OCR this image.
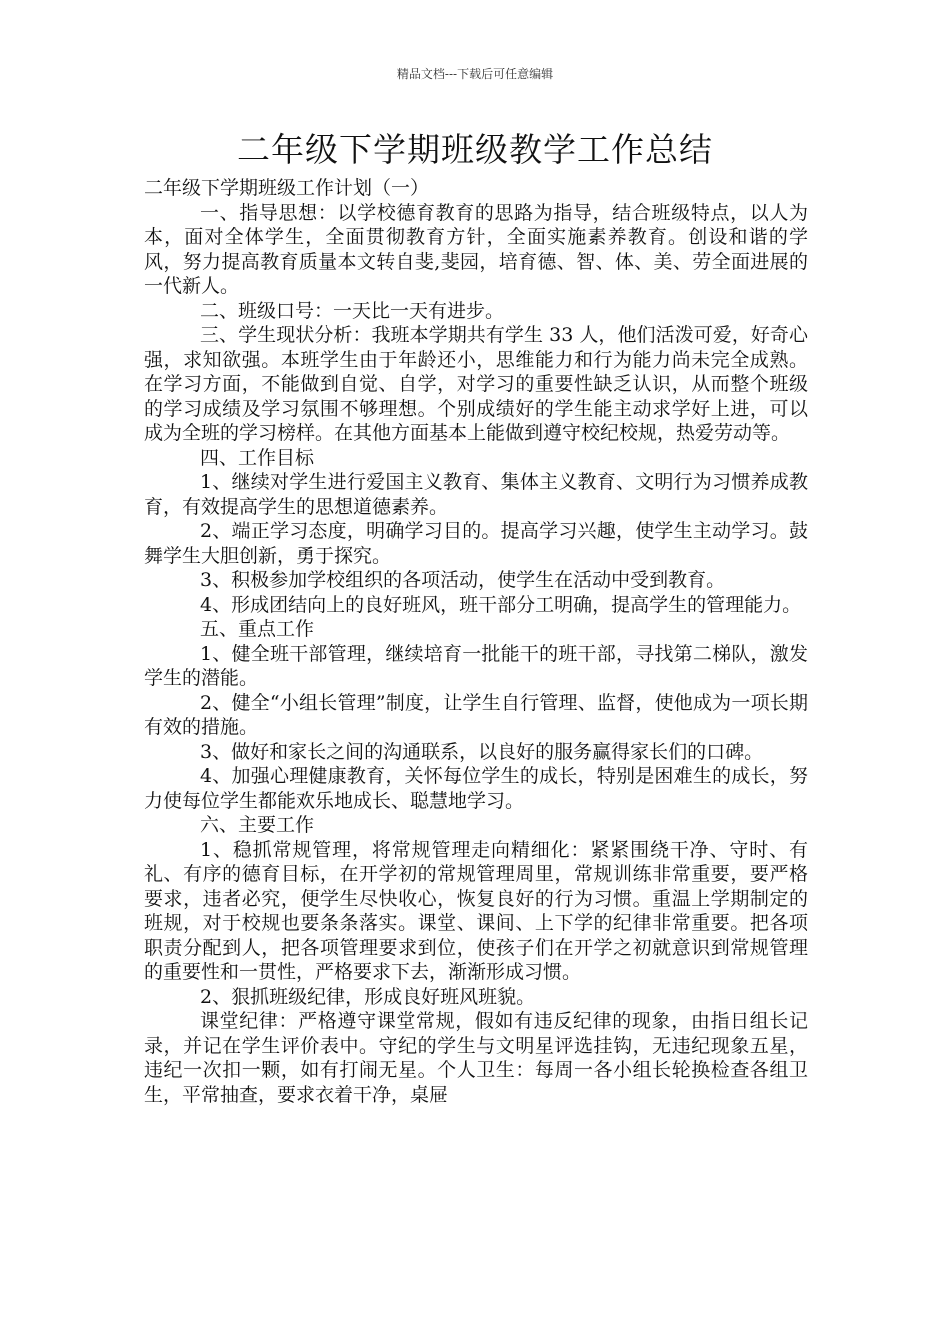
精品文档---下载后可任意编辑
二年级下学期班级教学工作总结

二年级下学期班级工作计划（一）

一、指导思想：以学校德育教育的思路为指导，结合班级特点，以人为本，面对全体学生，全面贯彻教育方针，全面实施素养教育。创设和谐的学风，努力提高教育质量本文转自斐,斐园，培育德、智、体、美、劳全面进展的一代新人。

二、班级口号：一天比一天有进步。

三、学生现状分析：我班本学期共有学生 33 人，他们活泼可爱，好奇心强，求知欲强。本班学生由于年龄还小，思维能力和行为能力尚未完全成熟。在学习方面，不能做到自觉、自学，对学习的重要性缺乏认识，从而整个班级的学习成绩及学习氛围不够理想。个别成绩好的学生能主动求学好上进，可以成为全班的学习榜样。在其他方面基本上能做到遵守校纪校规，热爱劳动等。

四、工作目标

1、继续对学生进行爱国主义教育、集体主义教育、文明行为习惯养成教育，有效提高学生的思想道德素养。

2、端正学习态度，明确学习目的。提高学习兴趣，使学生主动学习。鼓舞学生大胆创新，勇于探究。

3、积极参加学校组织的各项活动，使学生在活动中受到教育。

4、形成团结向上的良好班风，班干部分工明确，提高学生的管理能力。

五、重点工作

1、健全班干部管理，继续培育一批能干的班干部，寻找第二梯队，激发学生的潜能。

2、健全“小组长管理”制度，让学生自行管理、监督，使他成为一项长期有效的措施。

3、做好和家长之间的沟通联系，以良好的服务赢得家长们的口碑。

4、加强心理健康教育，关怀每位学生的成长，特别是困难生的成长，努力使每位学生都能欢乐地成长、聪慧地学习。

六、主要工作

1、稳抓常规管理，将常规管理走向精细化：紧紧围绕干净、守时、有礼、有序的德育目标，在开学初的常规管理周里，常规训练非常重要，要严格要求，违者必究，便学生尽快收心，恢复良好的行为习惯。重温上学期制定的班规，对于校规也要条条落实。课堂、课间、上下学的纪律非常重要。把各项职责分配到人，把各项管理要求到位，使孩子们在开学之初就意识到常规管理的重要性和一贯性，严格要求下去，渐渐形成习惯。

2、狠抓班级纪律，形成良好班风班貌。

课堂纪律：严格遵守课堂常规，假如有违反纪律的现象，由指日组长记录，并记在学生评价表中。守纪的学生与文明星评选挂钩，无违纪现象五星，违纪一次扣一颗，如有打闹无星。个人卫生：每周一各小组长轮换检查各组卫生，平常抽查，要求衣着干净，桌屉
